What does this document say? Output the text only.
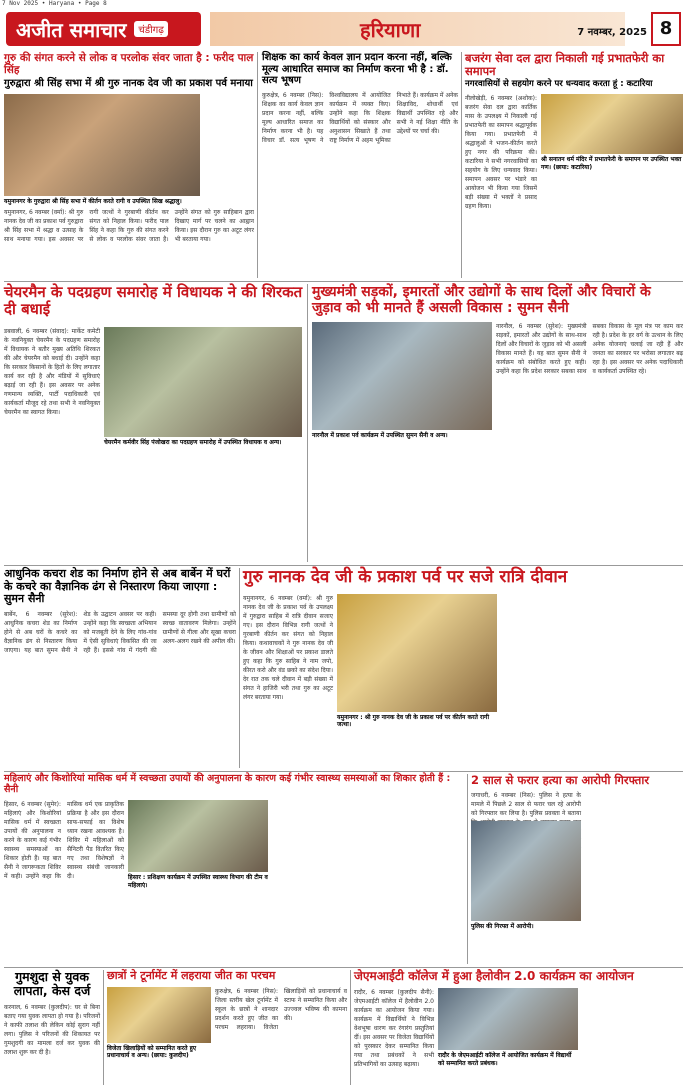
7 Nov 2025 • Haryana • Page 8
अजीत समाचार	चंडीगढ़	हरियाणा	7 नवम्बर, 2025 8
गुरु की संगत करने से लोक व परलोक संवर जाता है : फरीद पाल सिंह
गुरुद्वारा श्री सिंह सभा में श्री गुरु नानक देव जी का प्रकाश पर्व मनाया
यमुनानगर के गुरुद्वारा श्री सिंह सभा में कीर्तन करते रागी व उपस्थित सिख श्रद्धालु।
यमुनानगर, 6 नवम्बर (वर्मा): श्री गुरु नानक देव जी का प्रकाश पर्व गुरुद्वारा श्री सिंह सभा में श्रद्धा व उत्साह के साथ मनाया गया। इस अवसर पर रागी जत्थों ने गुरबाणी कीर्तन कर संगत को निहाल किया। फरीद पाल सिंह ने कहा कि गुरु की संगत करने से लोक व परलोक संवर जाता है। उन्होंने संगत को गुरु साहिबान द्वारा दिखाए मार्ग पर चलने का आह्वान किया। इस दौरान गुरु का अटूट लंगर भी बरताया गया।
शिक्षक का कार्य केवल ज्ञान प्रदान करना नहीं, बल्कि मूल्य आधारित समाज का निर्माण करना भी है : डॉ. सत्य भूषण
कुरुक्षेत्र, 6 नवम्बर (निस): शिक्षक का कार्य केवल ज्ञान प्रदान करना नहीं, बल्कि मूल्य आधारित समाज का निर्माण करना भी है। यह विचार डॉ. सत्य भूषण ने विश्वविद्यालय में आयोजित कार्यक्रम में व्यक्त किए। उन्होंने कहा कि शिक्षक विद्यार्थियों को संस्कार और अनुशासन सिखाते हैं तथा राष्ट्र निर्माण में अहम भूमिका निभाते हैं। कार्यक्रम में अनेक शिक्षाविद, शोधार्थी एवं विद्यार्थी उपस्थित रहे और सभी ने नई शिक्षा नीति के उद्देश्यों पर चर्चा की।
बजरंग सेवा दल द्वारा निकाली गई प्रभातफेरी का समापन
नगरवासियों से सहयोग करने पर धन्यवाद करता हूं : कटारिया
नीलोखेड़ी, 6 नवम्बर (अशोक): बजरंग सेवा दल द्वारा कार्तिक मास के उपलक्ष्य में निकाली गई प्रभातफेरी का समापन श्रद्धापूर्वक किया गया। प्रभातफेरी में श्रद्धालुओं ने भजन-कीर्तन करते हुए नगर की परिक्रमा की। कटारिया ने सभी नगरवासियों का सहयोग के लिए धन्यवाद किया। समापन अवसर पर भंडारे का आयोजन भी किया गया जिसमें बड़ी संख्या में भक्तों ने प्रसाद ग्रहण किया।
श्री सनातन धर्म मंदिर में प्रभातफेरी के समापन पर उपस्थित भक्त गण। (छाया: कटारिया)
चेयरमैन के पदग्रहण समारोह में विधायक ने की शिरकत दी बधाई
डबवाली, 6 नवम्बर (संवाद): मार्केट कमेटी के नवनियुक्त चेयरमैन के पदग्रहण समारोह में विधायक ने बतौर मुख्य अतिथि शिरकत की और चेयरमैन को बधाई दी। उन्होंने कहा कि सरकार किसानों के हितों के लिए लगातार कार्य कर रही है और मंडियों में सुविधाएं बढ़ाई जा रही हैं। इस अवसर पर अनेक गणमान्य व्यक्ति, पार्टी पदाधिकारी एवं कार्यकर्ता मौजूद रहे तथा सभी ने नवनियुक्त चेयरमैन का स्वागत किया।
चेयरमैन कर्मवीर सिंह पंजोखरा का पदग्रहण समारोह में उपस्थित विधायक व अन्य।
मुख्यमंत्री सड़कों, इमारतों और उद्योगों के साथ दिलों और विचारों के जुड़ाव को भी मानते हैं असली विकास : सुमन सैनी
नारनौल में प्रकाश पर्व कार्यक्रम में उपस्थित सुमन सैनी व अन्य।
नारनौल, 6 नवम्बर (सुरेश): मुख्यमंत्री सड़कों, इमारतों और उद्योगों के साथ-साथ दिलों और विचारों के जुड़ाव को भी असली विकास मानते हैं। यह बात सुमन सैनी ने कार्यक्रम को संबोधित करते हुए कही। उन्होंने कहा कि प्रदेश सरकार सबका साथ सबका विकास के मूल मंत्र पर काम कर रही है। प्रदेश के हर वर्ग के उत्थान के लिए अनेक योजनाएं चलाई जा रही हैं और जनता का सरकार पर भरोसा लगातार बढ़ रहा है। इस अवसर पर अनेक पदाधिकारी व कार्यकर्ता उपस्थित रहे।
आधुनिक कचरा शेड का निर्माण होने से अब बार्बेन में घरों के कचरे का वैज्ञानिक ढंग से निस्तारण किया जाएगा : सुमन सैनी
बार्बेन, 6 नवम्बर (सुरेश): आधुनिक कचरा शेड का निर्माण होने से अब घरों के कचरे का वैज्ञानिक ढंग से निस्तारण किया जाएगा। यह बात सुमन सैनी ने शेड के उद्घाटन अवसर पर कही। उन्होंने कहा कि स्वच्छता अभियान को मजबूती देने के लिए गांव-गांव में ऐसी सुविधाएं विकसित की जा रही हैं। इससे गांव में गंदगी की समस्या दूर होगी तथा ग्रामीणों को स्वच्छ वातावरण मिलेगा। उन्होंने ग्रामीणों से गीला और सूखा कचरा अलग-अलग रखने की अपील की।
गुरु नानक देव जी के प्रकाश पर्व पर सजे रात्रि दीवान
यमुनानगर, 6 नवम्बर (वर्मा): श्री गुरु नानक देव जी के प्रकाश पर्व के उपलक्ष्य में गुरुद्वारा साहिब में रात्रि दीवान सजाए गए। इस दौरान विभिन्न रागी जत्थों ने गुरबाणी कीर्तन कर संगत को निहाल किया। कथावाचकों ने गुरु नानक देव जी के जीवन और शिक्षाओं पर प्रकाश डालते हुए कहा कि गुरु साहिब ने नाम जपो, कीरत करो और वंड छको का संदेश दिया। देर रात तक चले दीवान में बड़ी संख्या में संगत ने हाजिरी भरी तथा गुरु का अटूट लंगर बरताया गया।
यमुनानगर : श्री गुरु नानक देव जी के प्रकाश पर्व पर कीर्तन करते रागी जत्था।
महिलाएं और किशोरियां मासिक धर्म में स्वच्छता उपायों की अनुपालना के कारण कई गंभीर स्वास्थ्य समस्याओं का शिकार होती हैं : सैनी
हिसार, 6 नवम्बर (सुमेर): महिलाएं और किशोरियां मासिक धर्म में स्वच्छता उपायों की अनुपालना न करने के कारण कई गंभीर स्वास्थ्य समस्याओं का शिकार होती हैं। यह बात सैनी ने जागरूकता शिविर में कही। उन्होंने कहा कि मासिक धर्म एक प्राकृतिक प्रक्रिया है और इस दौरान साफ-सफाई का विशेष ध्यान रखना आवश्यक है। शिविर में महिलाओं को सैनिटरी पैड वितरित किए गए तथा विशेषज्ञों ने स्वास्थ्य संबंधी जानकारी दी।	हिसार : प्रशिक्षण कार्यक्रम में उपस्थित स्वास्थ्य विभाग की टीम व महिलाएं।
2 साल से फरार हत्या का आरोपी गिरफ्तार
जगाधरी, 6 नवम्बर (निस): पुलिस ने हत्या के मामले में पिछले 2 साल से फरार चल रहे आरोपी को गिरफ्तार कर लिया है। पुलिस प्रवक्ता ने बताया
पुलिस की गिरफ्त में आरोपी।
गुमशुदा से युवक लापता, केस दर्ज
करनाल, 6 नवम्बर (कुलदीप): घर से बिना बताए गया युवक लापता हो गया है। परिजनों ने काफी तलाश की लेकिन कोई सुराग नहीं लगा। पुलिस ने परिजनों की शिकायत पर गुमशुदगी का मामला दर्ज कर युवक की तलाश शुरू कर दी है।
छात्रों ने टूर्नामेंट में लहराया जीत का परचम
विजेता खिलाड़ियों को सम्मानित करते हुए प्रधानाचार्य व अन्य। (छाया: कुलदीप)
कुरुक्षेत्र, 6 नवम्बर (निस): जिला स्तरीय खेल टूर्नामेंट में स्कूल के छात्रों ने शानदार प्रदर्शन करते हुए जीत का परचम लहराया। विजेता खिलाड़ियों को प्रधानाचार्य व स्टाफ ने सम्मानित किया और उज्ज्वल भविष्य की कामना की।
जेएमआईटी कॉलेज में हुआ हैलोवीन 2.0 कार्यक्रम का आयोजन
रादौर, 6 नवम्बर (कुलदीप सैनी): जेएमआईटी कॉलेज में हैलोवीन 2.0 कार्यक्रम का आयोजन किया गया। कार्यक्रम में विद्यार्थियों ने विभिन्न वेशभूषा धारण कर रंगारंग प्रस्तुतियां दीं। इस अवसर पर विजेता विद्यार्थियों को पुरस्कार देकर सम्मानित किया गया तथा प्रबंधकों ने सभी प्रतिभागियों का उत्साह बढ़ाया।
रादौर के जेएमआईटी कॉलेज में आयोजित कार्यक्रम में विद्यार्थी को सम्मानित करते प्रबंधक।
